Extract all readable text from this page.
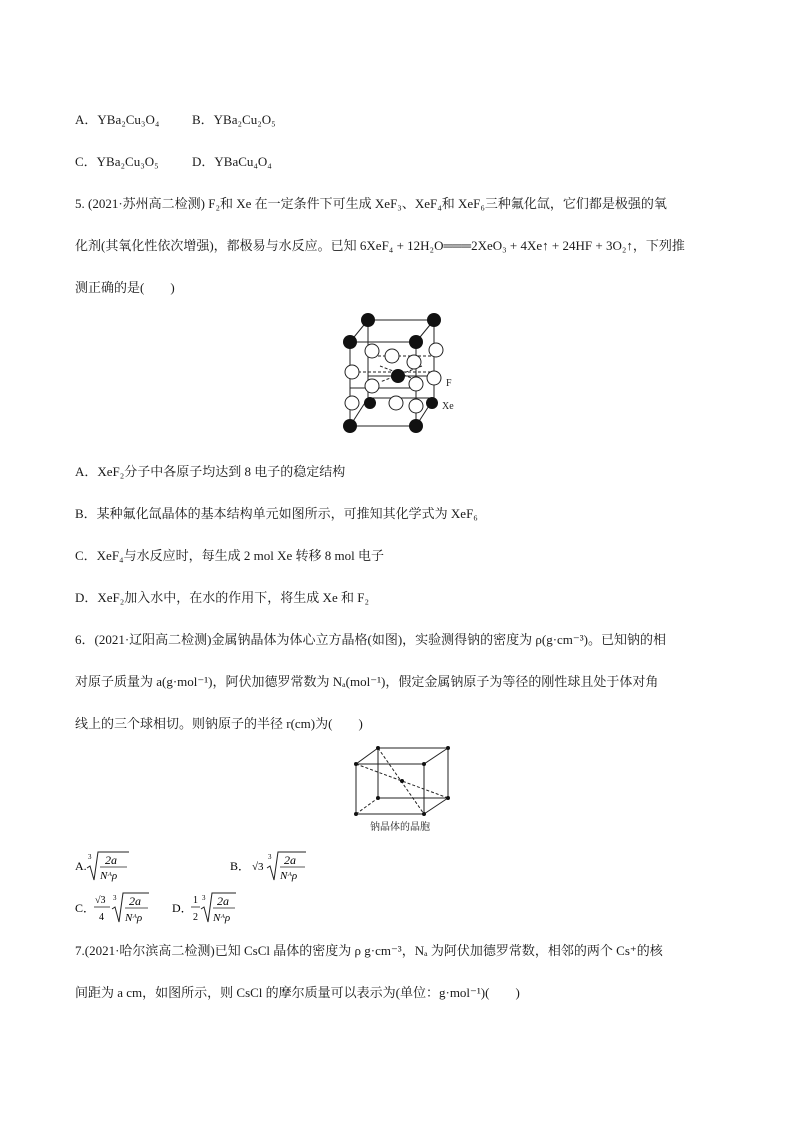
A．YBa₂Cu₃O₄	B．YBa₂Cu₂O₅
C．YBa₂Cu₃O₅	D．YBaCu₄O₄
5. (2021·苏州高二检测) F₂和 Xe 在一定条件下可生成 XeF₃、XeF₄和 XeF₆三种氟化氙，它们都是极强的氧
化剂(其氧化性依次增强)，都极易与水反应。已知 6XeF₄ + 12H₂O═══2XeO₃ + 4Xe↑ + 24HF + 3O₂↑，下列推
测正确的是(　　)
F
Xe
A．XeF₂分子中各原子均达到 8 电子的稳定结构
B．某种氟化氙晶体的基本结构单元如图所示，可推知其化学式为 XeF₆
C．XeF₄与水反应时，每生成 2 mol Xe 转移 8 mol 电子
D．XeF₂加入水中，在水的作用下，将生成 Xe 和 F₂
6．(2021·辽阳高二检测)金属钠晶体为体心立方晶格(如图)，实验测得钠的密度为 ρ(g·cm⁻³)。已知钠的相
对原子质量为 a(g·mol⁻¹)，阿伏加德罗常数为 Nₐ(mol⁻¹)，假定金属钠原子为等径的刚性球且处于体对角
线上的三个球相切。则钠原子的半径 r(cm)为(　　)
钠晶体的晶胞
A.
3 2a
Nᴬρ
B． √3
3 2a
Nᴬρ
C．
√3
4
3 2a
Nᴬρ
D．
1
2
3 2a
Nᴬρ
7.(2021·哈尔滨高二检测)已知 CsCl 晶体的密度为 ρ g·cm⁻³，Nₐ 为阿伏加德罗常数，相邻的两个 Cs⁺的核
间距为 a cm，如图所示，则 CsCl 的摩尔质量可以表示为(单位：g·mol⁻¹)(　　)
